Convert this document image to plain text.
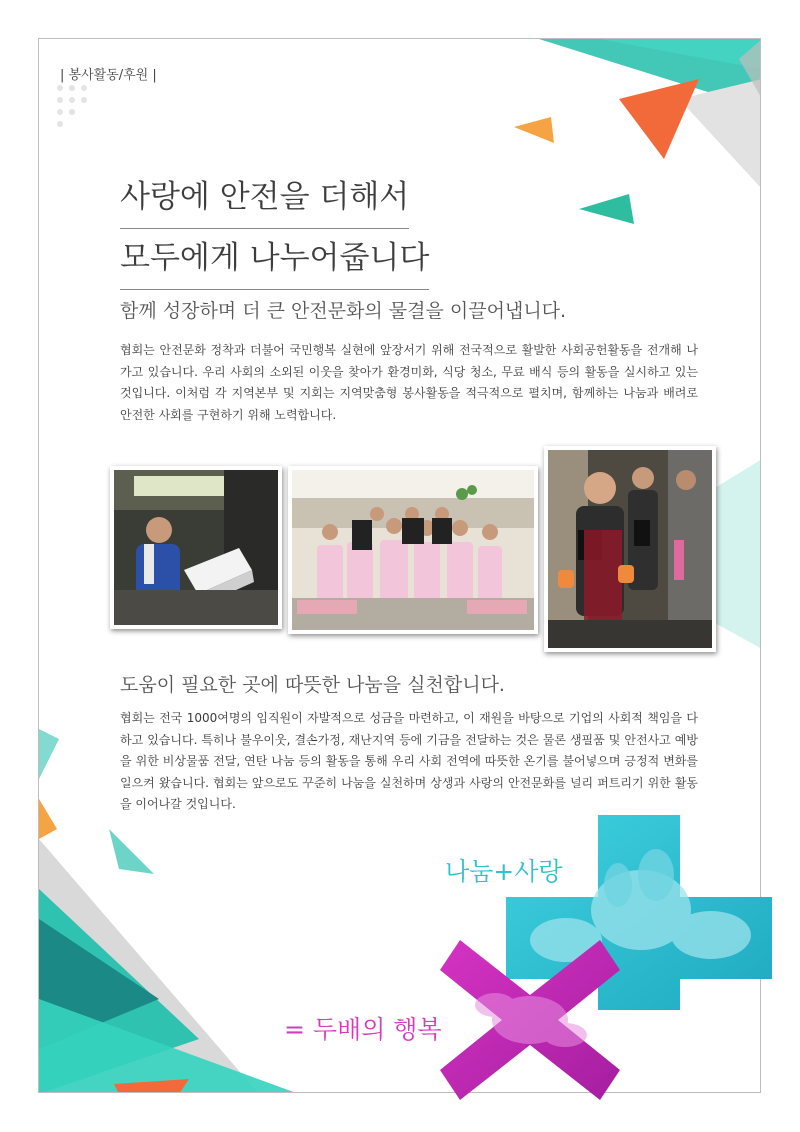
| 봉사활동/후원 |
사랑에 안전을 더해서
모두에게 나누어줍니다
함께 성장하며 더 큰 안전문화의 물결을 이끌어냅니다.
협회는 안전문화 정착과 더불어 국민행복 실현에 앞장서기 위해 전국적으로 활발한 사회공헌활동을 전개해 나가고 있습니다. 우리 사회의 소외된 이웃을 찾아가 환경미화, 식당 청소, 무료 배식 등의 활동을 실시하고 있는 것입니다. 이처럼 각 지역본부 및 지회는 지역맞춤형 봉사활동을 적극적으로 펼치며, 함께하는 나눔과 배려로 안전한 사회를 구현하기 위해 노력합니다.
도움이 필요한 곳에 따뜻한 나눔을 실천합니다.
협회는 전국 1000여명의 임직원이 자발적으로 성금을 마련하고, 이 재원을 바탕으로 기업의 사회적 책임을 다하고 있습니다. 특히나 불우이웃, 결손가정, 재난지역 등에 기금을 전달하는 것은 물론 생필품 및 안전사고 예방을 위한 비상물품 전달, 연탄 나눔 등의 활동을 통해 우리 사회 전역에 따뜻한 온기를 불어넣으며 긍정적 변화를 일으켜 왔습니다. 협회는 앞으로도 꾸준히 나눔을 실천하며 상생과 사랑의 안전문화를 널리 퍼트리기 위한 활동을 이어나갈 것입니다.
나눔+사랑
= 두배의 행복
